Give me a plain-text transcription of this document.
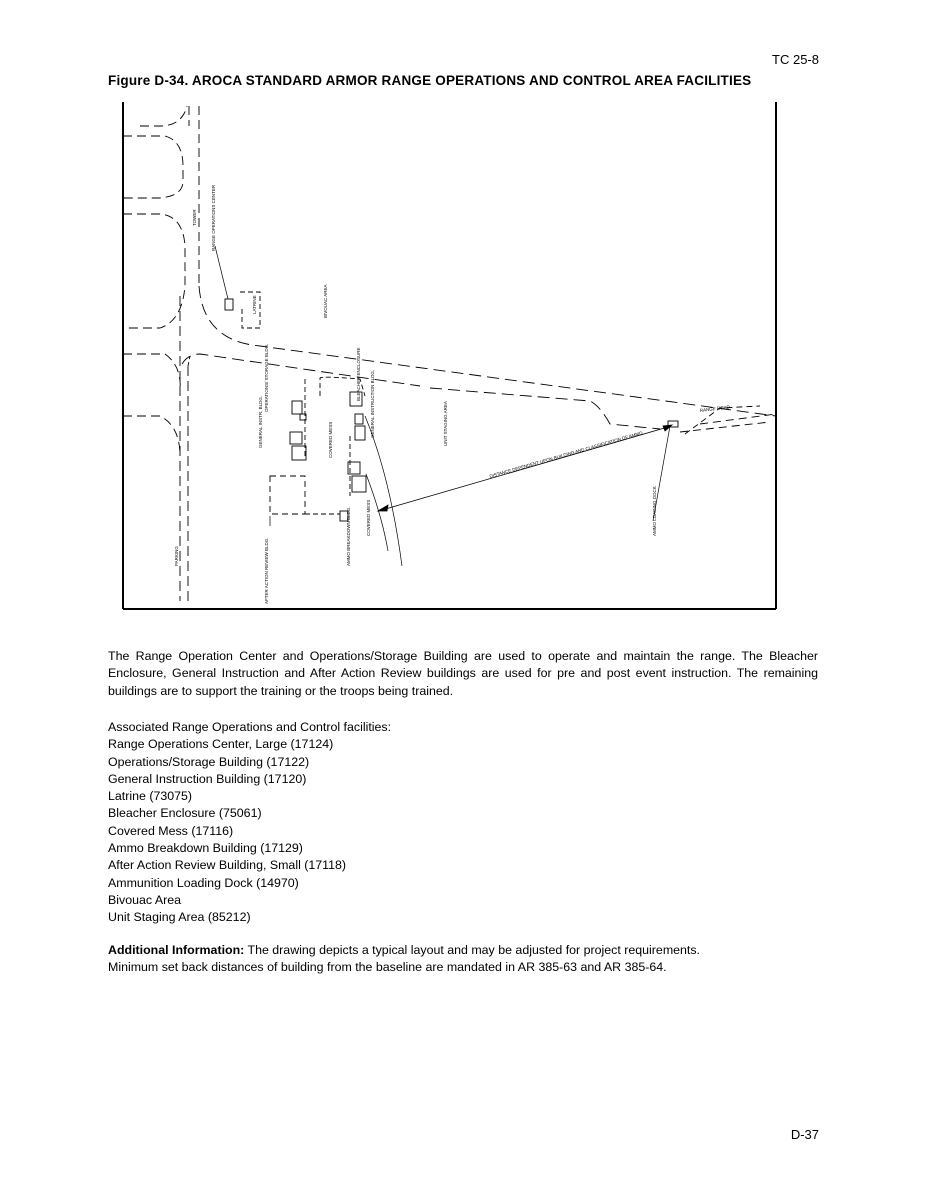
TC 25-8
Figure D-34. AROCA STANDARD ARMOR RANGE OPERATIONS AND CONTROL AREA FACILITIES
RANGE OPERATIONS CENTER
TOWER
LATRINE	BIVOUAC AREA
OPERATIONS/ STORAGE BLDG.
GENERAL INSTR. BLDG.	COVERED MESS
BLEACHER ENCLOSURE GENERAL INSTRUCTION BLDG.	UNIT STAGING AREA
AMMO BREAKDOWN BLDG.
AFTER ACTION REVIEW BLDG.
COVERED MESS	AMMO LOADING DOCK
PARKING
DISTANCE DEPENDENT UPON BUILDING AND CLASSIFICATION OF AMMO
RANGE ROAD
The Range Operation Center and Operations/Storage Building are used to operate and maintain the range. The Bleacher Enclosure, General Instruction and After Action Review buildings are used for pre and post event instruction. The remaining buildings are to support the training or the troops being trained.
Associated Range Operations and Control facilities:
Range Operations Center, Large (17124)
Operations/Storage Building (17122)
General Instruction Building (17120)
Latrine (73075)
Bleacher Enclosure (75061)
Covered Mess (17116)
Ammo Breakdown Building (17129)
After Action Review Building, Small (17118)
Ammunition Loading Dock (14970)
Bivouac Area
Unit Staging Area (85212)
Additional Information: The drawing depicts a typical layout and may be adjusted for project requirements.
Minimum set back distances of building from the baseline are mandated in AR 385-63 and AR 385-64.
D-37
